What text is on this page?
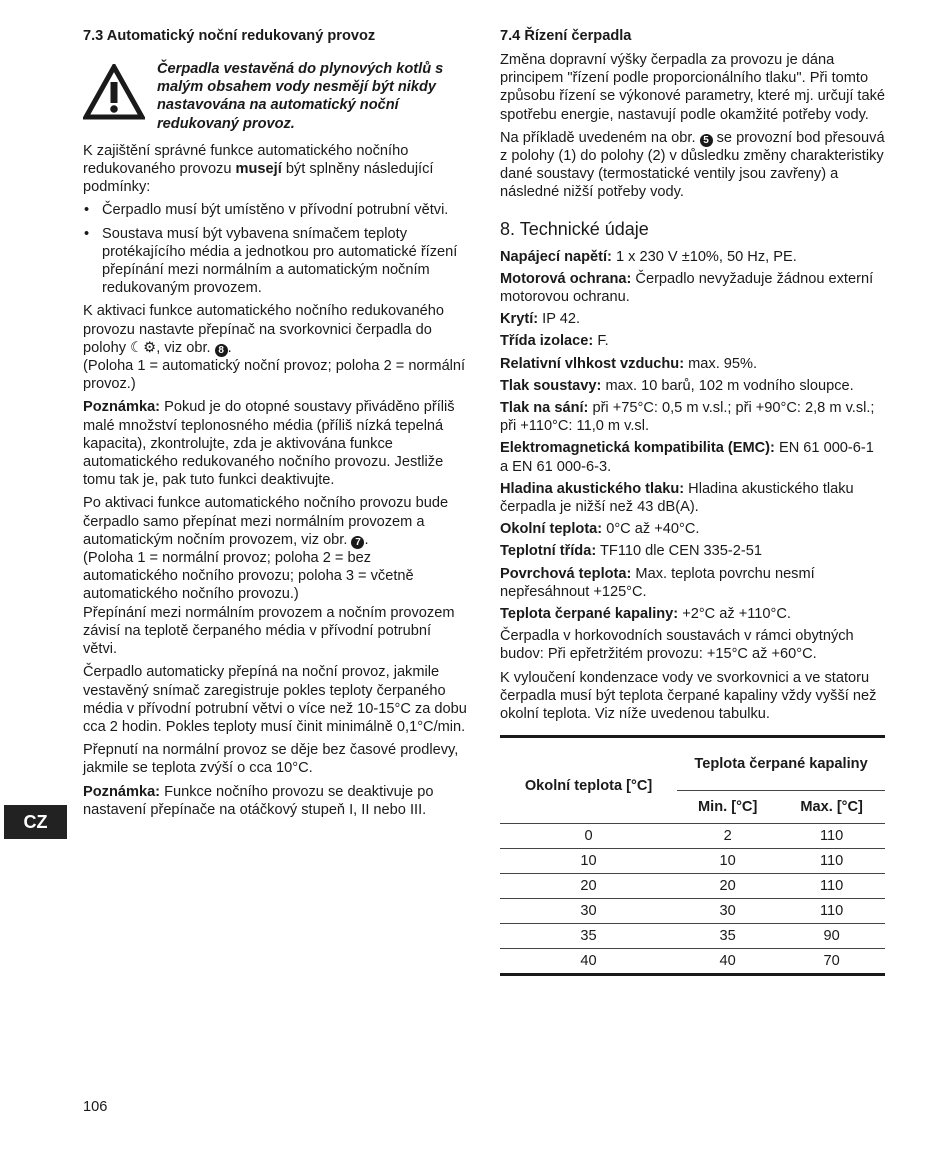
7.3 Automatický noční redukovaný provoz
Čerpadla vestavěná do plynových kotlů s malým obsahem vody nesmějí být nikdy nastavována na automatický noční redukovaný provoz.

K zajištění správné funkce automatického nočního redukovaného provozu musejí být splněny následující podmínky:

• Čerpadlo musí být umístěno v přívodní potrubní větvi.
• Soustava musí být vybavena snímačem teploty protékajícího média a jednotkou pro automatické řízení přepínání mezi normálním a automatickým nočním redukovaným provozem.

K aktivaci funkce automatického nočního redukovaného provozu nastavte přepínač na svorkovnici čerpadla do polohy ☾⚙, viz obr. 8 .
(Poloha 1 = automatický noční provoz; poloha 2 = normální provoz.)

Poznámka: Pokud je do otopné soustavy přiváděno příliš malé množství teplonosného média (příliš nízká tepelná kapacita), zkontrolujte, zda je aktivována funkce automatického redukovaného nočního provozu. Jestliže tomu tak je, pak tuto funkci deaktivujte.

Po aktivaci funkce automatického nočního provozu bude čerpadlo samo přepínat mezi normálním provozem a automatickým nočním provozem, viz obr. 7 .
(Poloha 1 = normální provoz; poloha 2 = bez automatického nočního provozu; poloha 3 = včetně automatického nočního provozu.)
Přepínání mezi normálním provozem a nočním provozem závisí na teplotě čerpaného média v přívodní potrubní větvi.

Čerpadlo automaticky přepíná na noční provoz, jakmile vestavěný snímač zaregistruje pokles teploty čerpaného média v přívodní potrubní větvi o více než 10-15°C za dobu cca 2 hodin. Pokles teploty musí činit minimálně 0,1°C/min.

Přepnutí na normální provoz se děje bez časové prodlevy, jakmile se teplota zvýší o cca 10°C.

Poznámka: Funkce nočního provozu se deaktivuje po nastavení přepínače na otáčkový stupeň I, II nebo III.

7.4 Řízení čerpadla

Změna dopravní výšky čerpadla za provozu je dána principem "řízení podle proporcionálního tlaku". Při tomto způsobu řízení se výkonové parametry, které mj. určují také spotřebu energie, nastavují podle okamžité potřeby vody.

Na příkladě uvedeném na obr. 5 se provozní bod přesouvá z polohy (1) do polohy (2) v důsledku změny charakteristiky dané soustavy (termostatické ventily jsou zavřeny) a následné nižší potřeby vody.

8. Technické údaje

Napájecí napětí: 1 x 230 V ±10%, 50 Hz, PE.

Motorová ochrana: Čerpadlo nevyžaduje žádnou externí motorovou ochranu.

Krytí: IP 42.

Třída izolace: F.

Relativní vlhkost vzduchu: max. 95%.

Tlak soustavy: max. 10 barů, 102 m vodního sloupce.

Tlak na sání: při +75°C: 0,5 m v.sl.; při +90°C: 2,8 m v.sl.; při +110°C: 11,0 m v.sl.

Elektromagnetická kompatibilita (EMC): EN 61 000-6-1 a EN 61 000-6-3.

Hladina akustického tlaku: Hladina akustického tlaku čerpadla je nižší než 43 dB(A).

Okolní teplota: 0°C až +40°C.

Teplotní třída: TF110 dle CEN 335-2-51

Povrchová teplota: Max. teplota povrchu nesmí nepřesáhnout +125°C.

Teplota čerpané kapaliny: +2°C až +110°C.

Čerpadla v horkovodních soustavách v rámci obytných budov: Při epřetržitém provozu: +15°C až +60°C.

K vyloučení kondenzace vody ve svorkovnici a ve statoru čerpadla musí být teplota čerpané kapaliny vždy vyšší než okolní teplota. Viz níže uvedenou tabulku.

Okolní teplota [°C]	Teplota čerpané kapaliny	
	Min. [°C]	Max. [°C]
0	2	110
10	10	110
20	20	110
30	30	110
35	35	90
40	40	70
CZ
106
